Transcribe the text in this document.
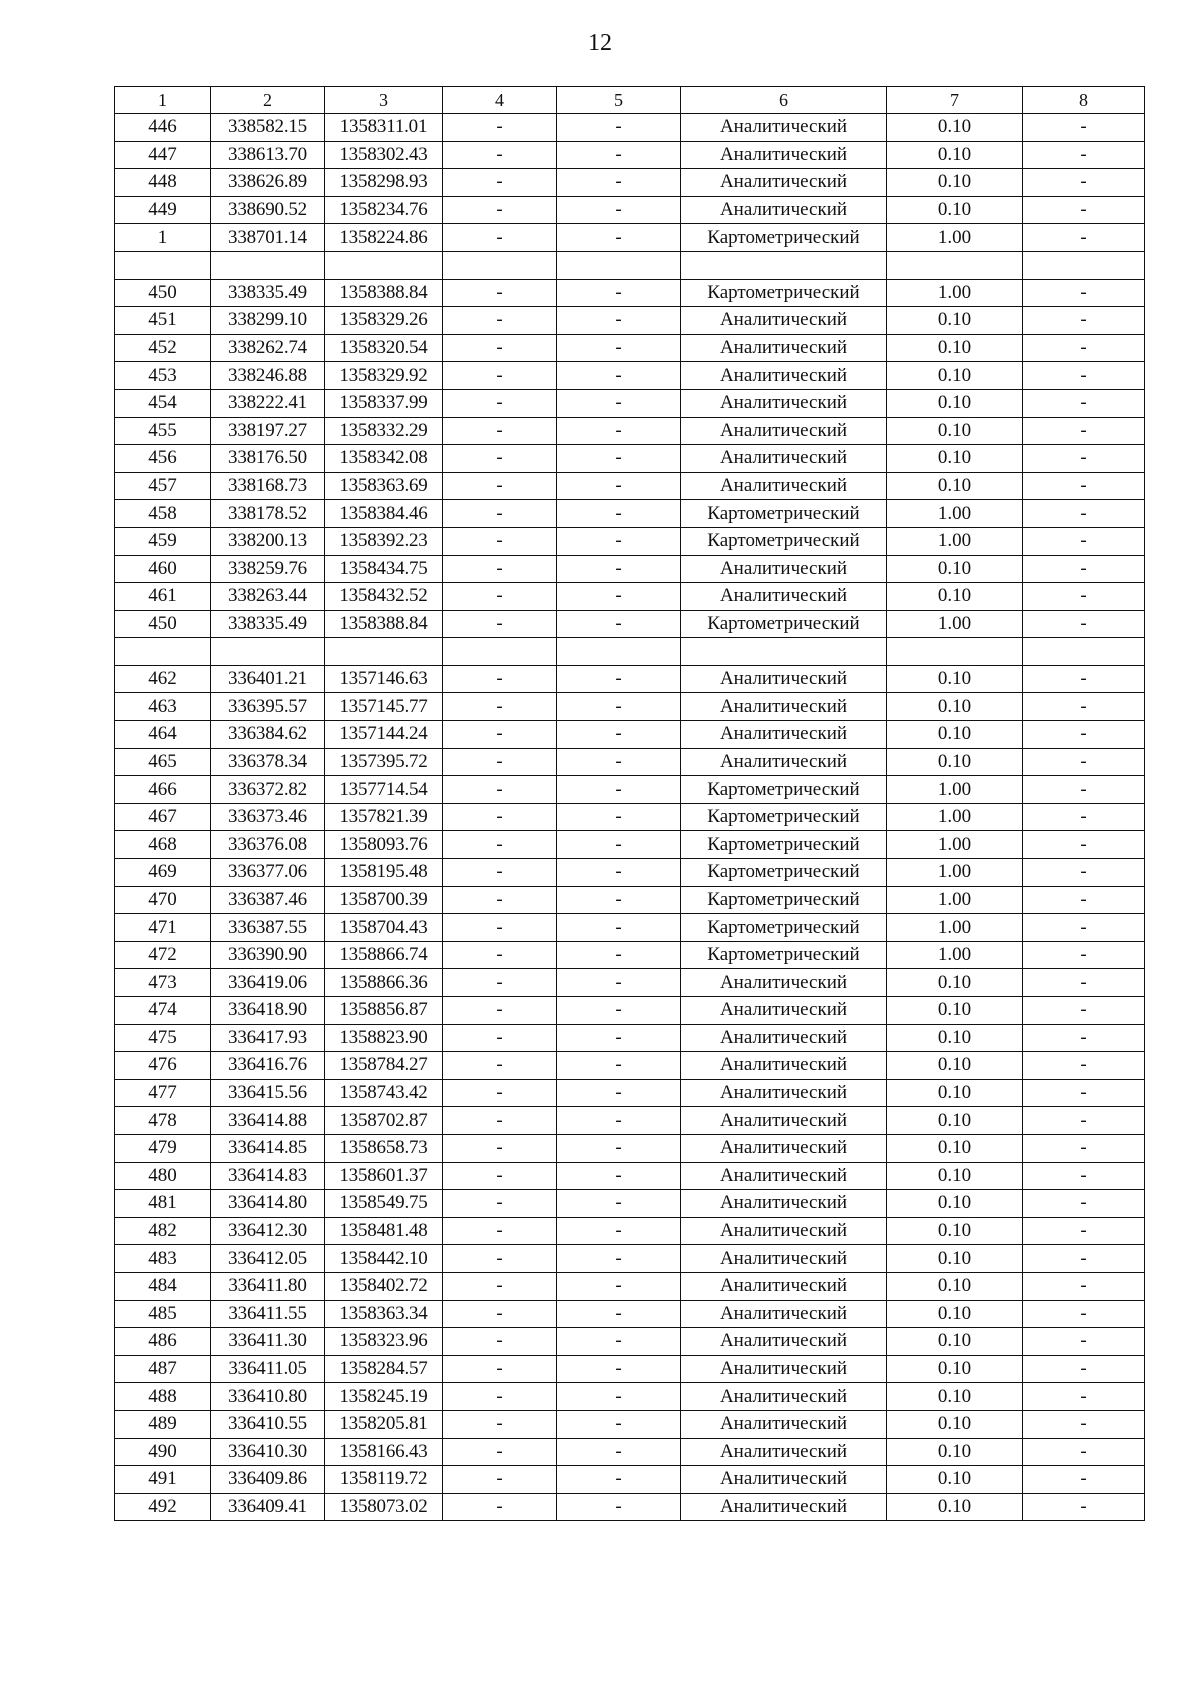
12
1	2	3	4	5	6	7	8
446	338582.15	1358311.01	-	-	Аналитический	0.10	-
447	338613.70	1358302.43	-	-	Аналитический	0.10	-
448	338626.89	1358298.93	-	-	Аналитический	0.10	-
449	338690.52	1358234.76	-	-	Аналитический	0.10	-
1	338701.14	1358224.86	-	-	Картометрический	1.00	-

450	338335.49	1358388.84	-	-	Картометрический	1.00	-
451	338299.10	1358329.26	-	-	Аналитический	0.10	-
452	338262.74	1358320.54	-	-	Аналитический	0.10	-
453	338246.88	1358329.92	-	-	Аналитический	0.10	-
454	338222.41	1358337.99	-	-	Аналитический	0.10	-
455	338197.27	1358332.29	-	-	Аналитический	0.10	-
456	338176.50	1358342.08	-	-	Аналитический	0.10	-
457	338168.73	1358363.69	-	-	Аналитический	0.10	-
458	338178.52	1358384.46	-	-	Картометрический	1.00	-
459	338200.13	1358392.23	-	-	Картометрический	1.00	-
460	338259.76	1358434.75	-	-	Аналитический	0.10	-
461	338263.44	1358432.52	-	-	Аналитический	0.10	-
450	338335.49	1358388.84	-	-	Картометрический	1.00	-

462	336401.21	1357146.63	-	-	Аналитический	0.10	-
463	336395.57	1357145.77	-	-	Аналитический	0.10	-
464	336384.62	1357144.24	-	-	Аналитический	0.10	-
465	336378.34	1357395.72	-	-	Аналитический	0.10	-
466	336372.82	1357714.54	-	-	Картометрический	1.00	-
467	336373.46	1357821.39	-	-	Картометрический	1.00	-
468	336376.08	1358093.76	-	-	Картометрический	1.00	-
469	336377.06	1358195.48	-	-	Картометрический	1.00	-
470	336387.46	1358700.39	-	-	Картометрический	1.00	-
471	336387.55	1358704.43	-	-	Картометрический	1.00	-
472	336390.90	1358866.74	-	-	Картометрический	1.00	-
473	336419.06	1358866.36	-	-	Аналитический	0.10	-
474	336418.90	1358856.87	-	-	Аналитический	0.10	-
475	336417.93	1358823.90	-	-	Аналитический	0.10	-
476	336416.76	1358784.27	-	-	Аналитический	0.10	-
477	336415.56	1358743.42	-	-	Аналитический	0.10	-
478	336414.88	1358702.87	-	-	Аналитический	0.10	-
479	336414.85	1358658.73	-	-	Аналитический	0.10	-
480	336414.83	1358601.37	-	-	Аналитический	0.10	-
481	336414.80	1358549.75	-	-	Аналитический	0.10	-
482	336412.30	1358481.48	-	-	Аналитический	0.10	-
483	336412.05	1358442.10	-	-	Аналитический	0.10	-
484	336411.80	1358402.72	-	-	Аналитический	0.10	-
485	336411.55	1358363.34	-	-	Аналитический	0.10	-
486	336411.30	1358323.96	-	-	Аналитический	0.10	-
487	336411.05	1358284.57	-	-	Аналитический	0.10	-
488	336410.80	1358245.19	-	-	Аналитический	0.10	-
489	336410.55	1358205.81	-	-	Аналитический	0.10	-
490	336410.30	1358166.43	-	-	Аналитический	0.10	-
491	336409.86	1358119.72	-	-	Аналитический	0.10	-
492	336409.41	1358073.02	-	-	Аналитический	0.10	-
